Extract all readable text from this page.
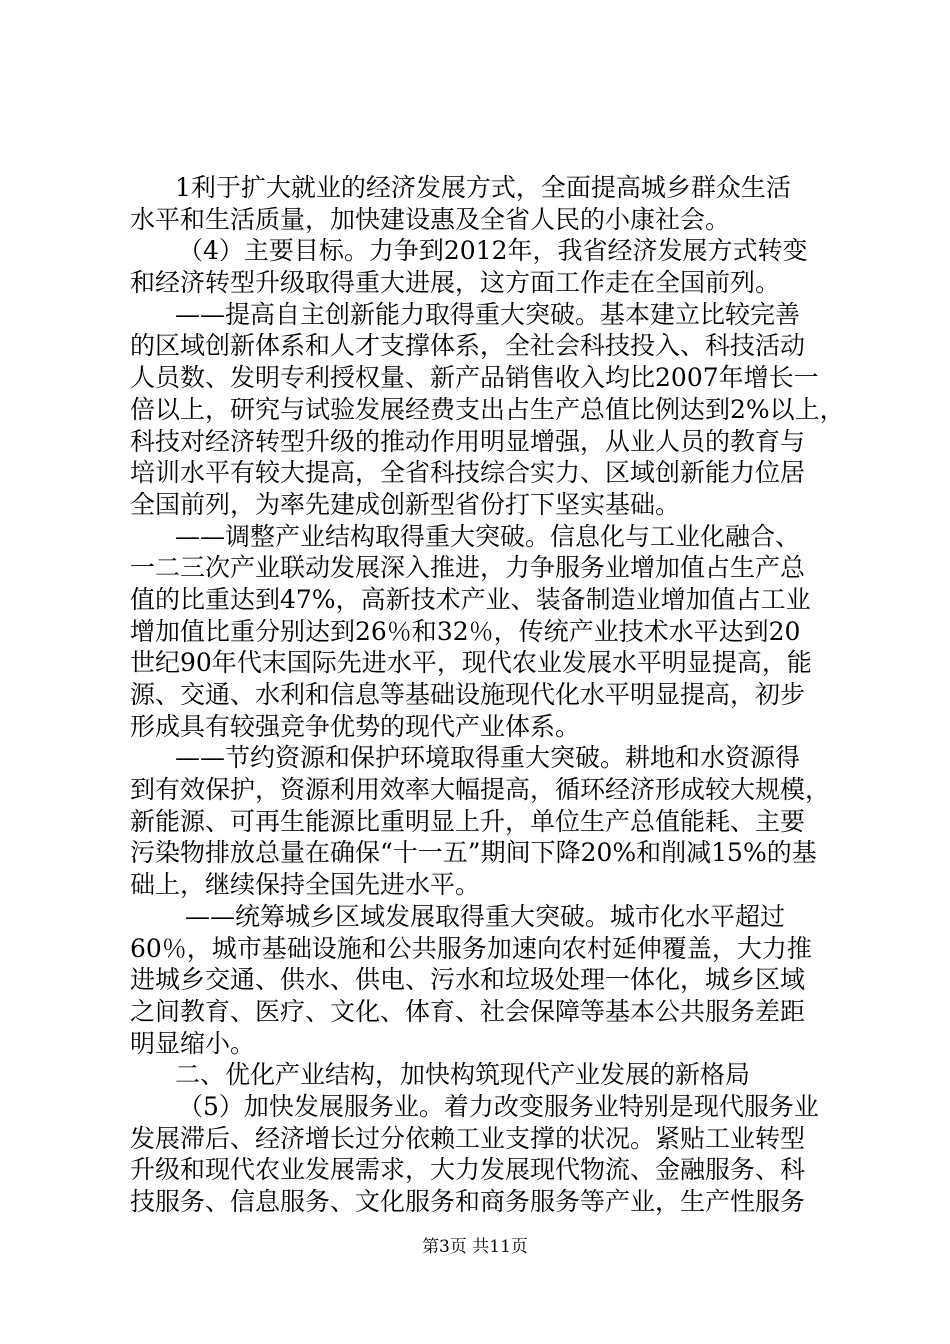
1利于扩大就业的经济发展方式，全面提高城乡群众生活
水平和生活质量，加快建设惠及全省人民的小康社会。
（4）主要目标。力争到2012年，我省经济发展方式转变
和经济转型升级取得重大进展，这方面工作走在全国前列。
——提高自主创新能力取得重大突破。基本建立比较完善
的区域创新体系和人才支撑体系，全社会科技投入、科技活动
人员数、发明专利授权量、新产品销售收入均比2007年增长一
倍以上，研究与试验发展经费支出占生产总值比例达到2%以上，
科技对经济转型升级的推动作用明显增强，从业人员的教育与
培训水平有较大提高，全省科技综合实力、区域创新能力位居
全国前列，为率先建成创新型省份打下坚实基础。
——调整产业结构取得重大突破。信息化与工业化融合、
一二三次产业联动发展深入推进，力争服务业增加值占生产总
值的比重达到47%，高新技术产业、装备制造业增加值占工业
增加值比重分别达到26％和32％，传统产业技术水平达到20
世纪90年代末国际先进水平，现代农业发展水平明显提高，能
源、交通、水利和信息等基础设施现代化水平明显提高，初步
形成具有较强竞争优势的现代产业体系。
——节约资源和保护环境取得重大突破。耕地和水资源得
到有效保护，资源利用效率大幅提高，循环经济形成较大规模，
新能源、可再生能源比重明显上升，单位生产总值能耗、主要
污染物排放总量在确保“十一五”期间下降20%和削减15%的基
础上，继续保持全国先进水平。
——统筹城乡区域发展取得重大突破。城市化水平超过
60％，城市基础设施和公共服务加速向农村延伸覆盖，大力推
进城乡交通、供水、供电、污水和垃圾处理一体化，城乡区域
之间教育、医疗、文化、体育、社会保障等基本公共服务差距
明显缩小。
二、优化产业结构，加快构筑现代产业发展的新格局
（5）加快发展服务业。着力改变服务业特别是现代服务业
发展滞后、经济增长过分依赖工业支撑的状况。紧贴工业转型
升级和现代农业发展需求，大力发展现代物流、金融服务、科
技服务、信息服务、文化服务和商务服务等产业，生产性服务
第3页 共11页
